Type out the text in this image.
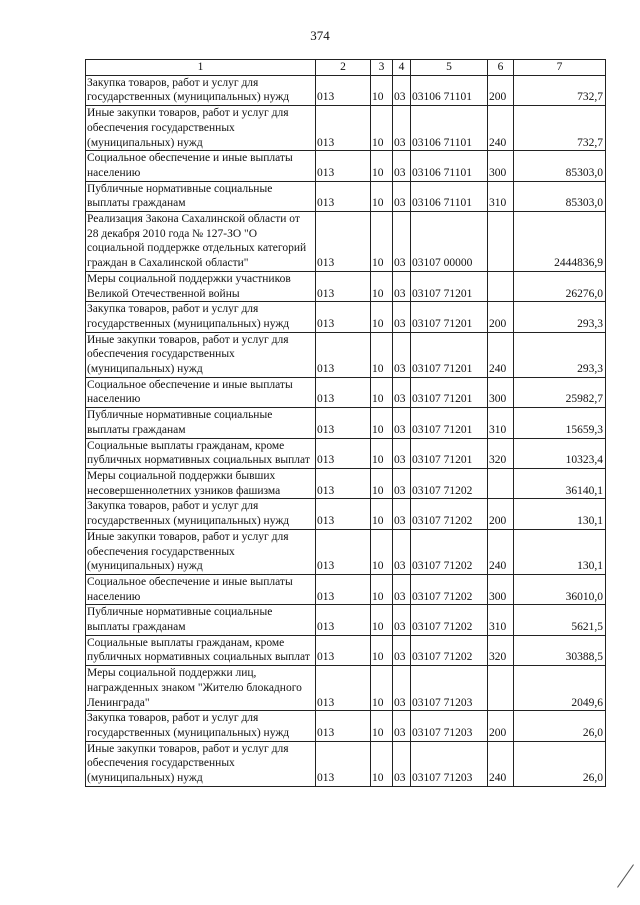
374
1	2	3	4	5	6	7
Закупка товаров, работ и услуг для государственных (муниципальных) нужд	013	10	03	03106 71101	200	732,7
Иные закупки товаров, работ и услуг для обеспечения государственных (муниципальных) нужд	013	10	03	03106 71101	240	732,7
Социальное обеспечение и иные выплаты населению	013	10	03	03106 71101	300	85303,0
Публичные нормативные социальные выплаты гражданам	013	10	03	03106 71101	310	85303,0
Реализация Закона Сахалинской области от 28 декабря 2010 года № 127-ЗО "О социальной поддержке отдельных категорий граждан в Сахалинской области"	013	10	03	03107 00000		2444836,9
Меры социальной поддержки участников Великой Отечественной войны	013	10	03	03107 71201		26276,0
Закупка товаров, работ и услуг для государственных (муниципальных) нужд	013	10	03	03107 71201	200	293,3
Иные закупки товаров, работ и услуг для обеспечения государственных (муниципальных) нужд	013	10	03	03107 71201	240	293,3
Социальное обеспечение и иные выплаты населению	013	10	03	03107 71201	300	25982,7
Публичные нормативные социальные выплаты гражданам	013	10	03	03107 71201	310	15659,3
Социальные выплаты гражданам, кроме публичных нормативных социальных выплат	013	10	03	03107 71201	320	10323,4
Меры социальной поддержки бывших несовершеннолетних узников фашизма	013	10	03	03107 71202		36140,1
Закупка товаров, работ и услуг для государственных (муниципальных) нужд	013	10	03	03107 71202	200	130,1
Иные закупки товаров, работ и услуг для обеспечения государственных (муниципальных) нужд	013	10	03	03107 71202	240	130,1
Социальное обеспечение и иные выплаты населению	013	10	03	03107 71202	300	36010,0
Публичные нормативные социальные выплаты гражданам	013	10	03	03107 71202	310	5621,5
Социальные выплаты гражданам, кроме публичных нормативных социальных выплат	013	10	03	03107 71202	320	30388,5
Меры социальной поддержки лиц, награжденных знаком "Жителю блокадного Ленинграда"	013	10	03	03107 71203		2049,6
Закупка товаров, работ и услуг для государственных (муниципальных) нужд	013	10	03	03107 71203	200	26,0
Иные закупки товаров, работ и услуг для обеспечения государственных (муниципальных) нужд	013	10	03	03107 71203	240	26,0
